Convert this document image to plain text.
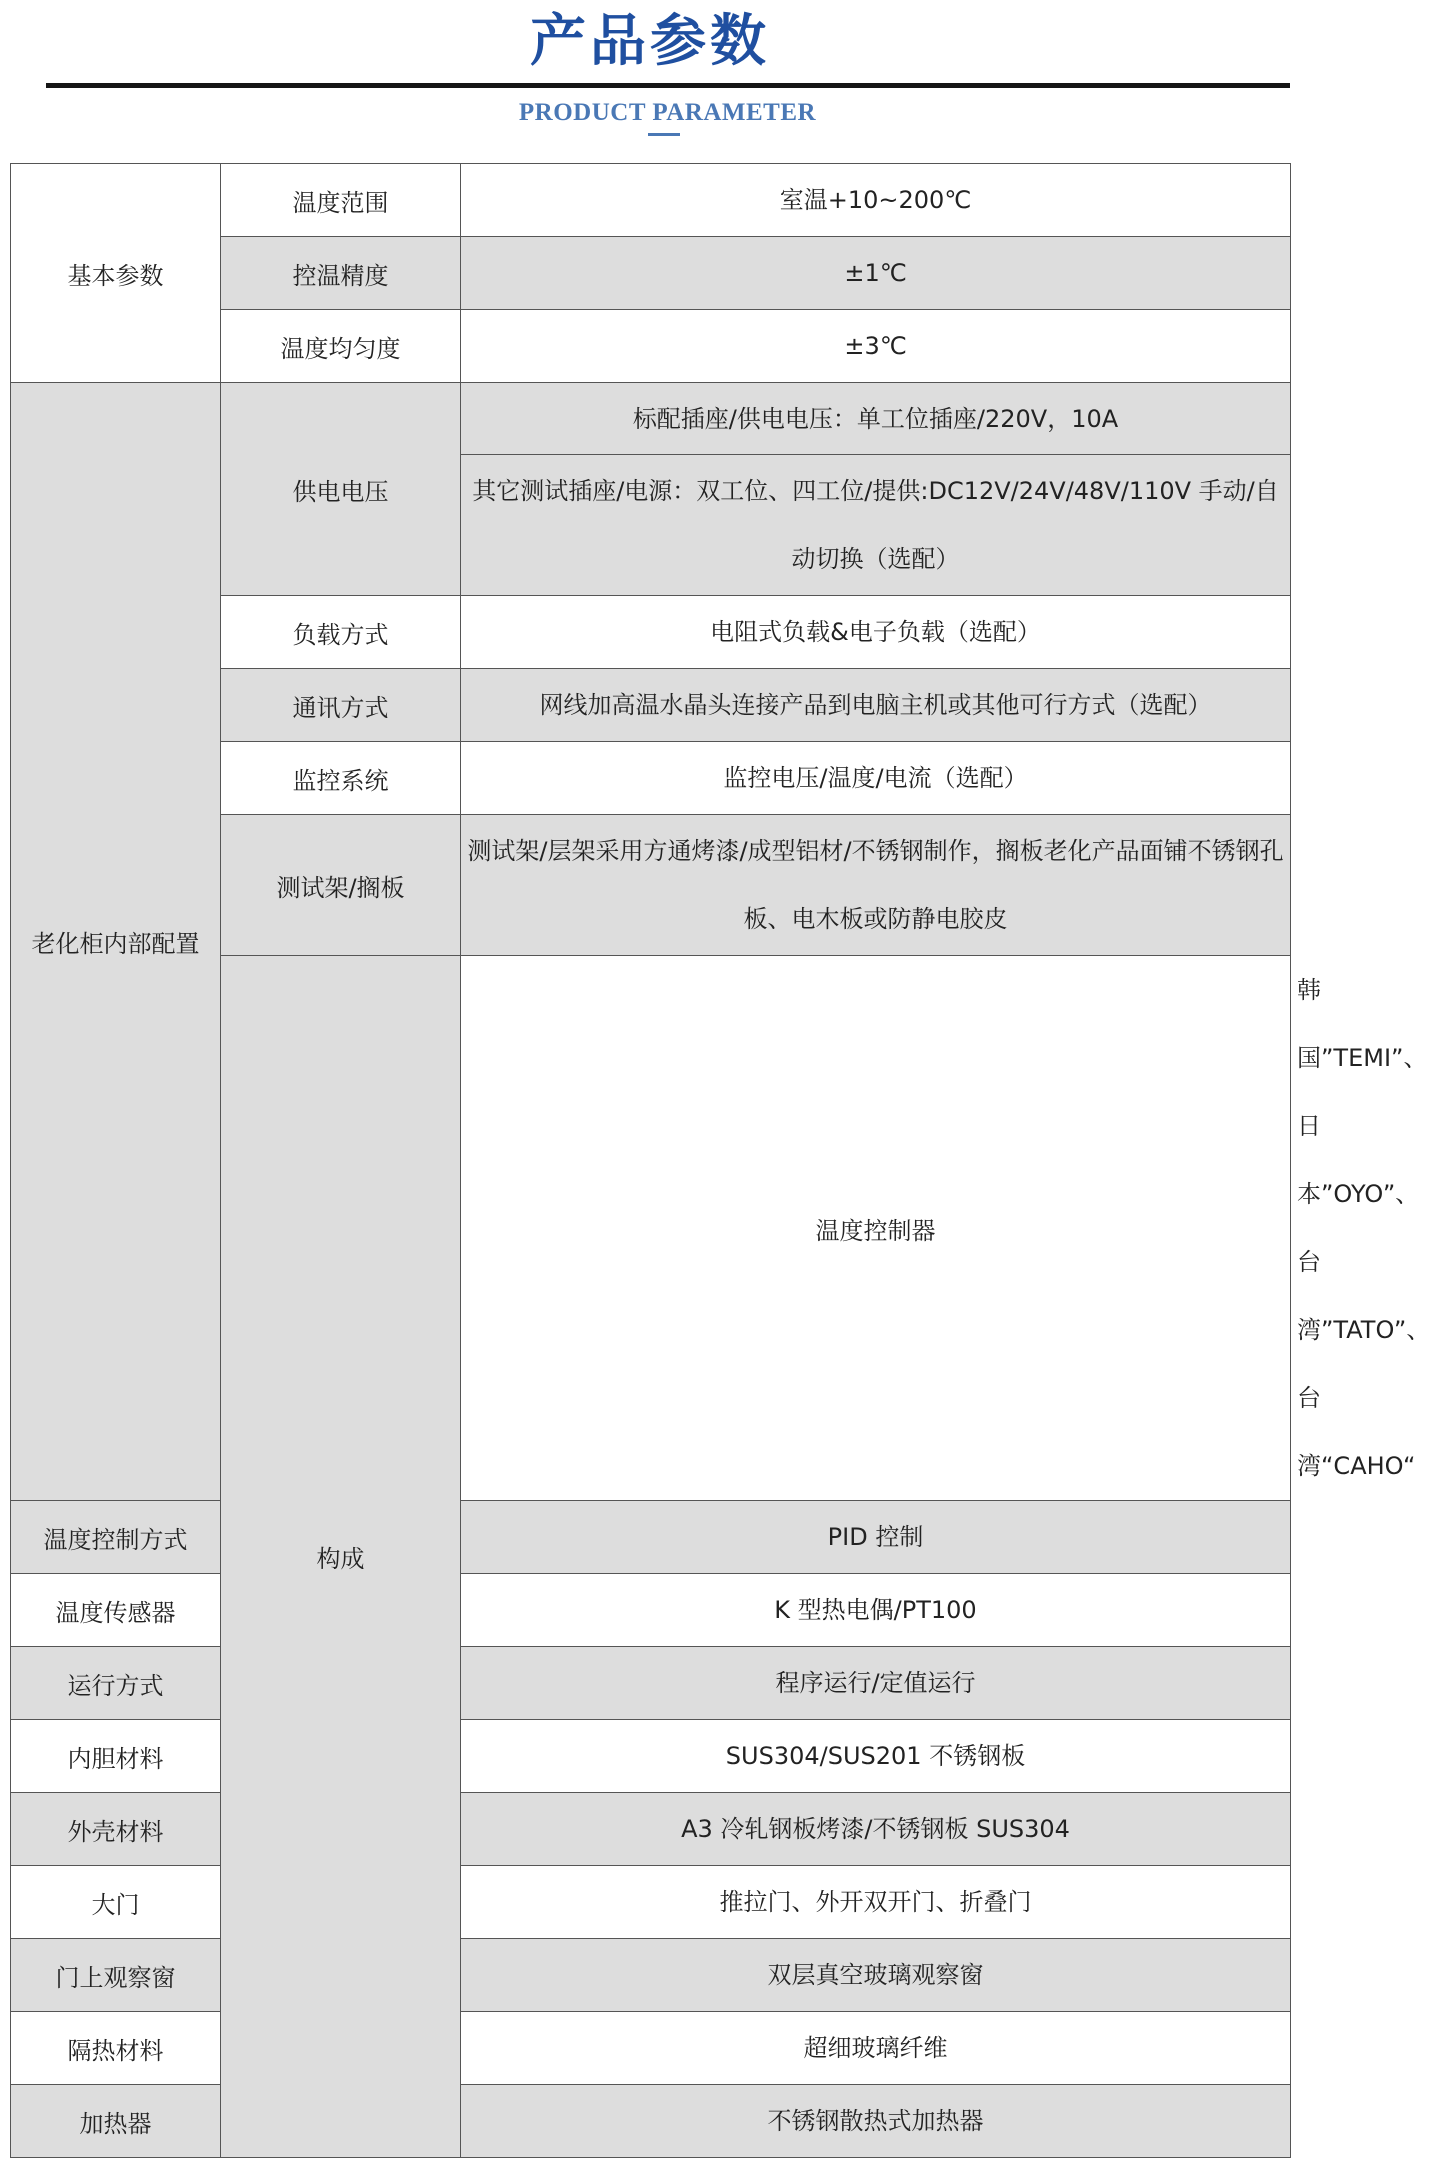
产品参数
PRODUCT PARAMETER
基本参数	温度范围	室温+10~200℃	
	控温精度	±1℃	
	温度均匀度	±3℃	
老化柜内部配置	供电电压	标配插座/供电电压：单工位插座/220V，10A	
		其它测试插座/电源：双工位、四工位/提供:DC12V/24V/48V/110V 手动/自动切换（选配）	
	负载方式	电阻式负载&电子负载（选配）	
	通讯方式	网线加高温水晶头连接产品到电脑主机或其他可行方式（选配）	
	监控系统	监控电压/温度/电流（选配）	
	测试架/搁板	测试架/层架采用方通烤漆/成型铝材/不锈钢制作，搁板老化产品面铺不锈钢孔板、电木板或防静电胶皮	
	构成	温度控制器	韩国”TEMI”、日本”OYO”、台湾”TATO”、 台湾“CAHO“
温度控制方式		PID 控制	
温度传感器		K 型热电偶/PT100	
运行方式		程序运行/定值运行	
内胆材料		SUS304/SUS201 不锈钢板	
外壳材料		A3 冷轧钢板烤漆/不锈钢板 SUS304	
大门		推拉门、外开双开门、折叠门	
门上观察窗		双层真空玻璃观察窗	
隔热材料		超细玻璃纤维	
加热器		不锈钢散热式加热器	
